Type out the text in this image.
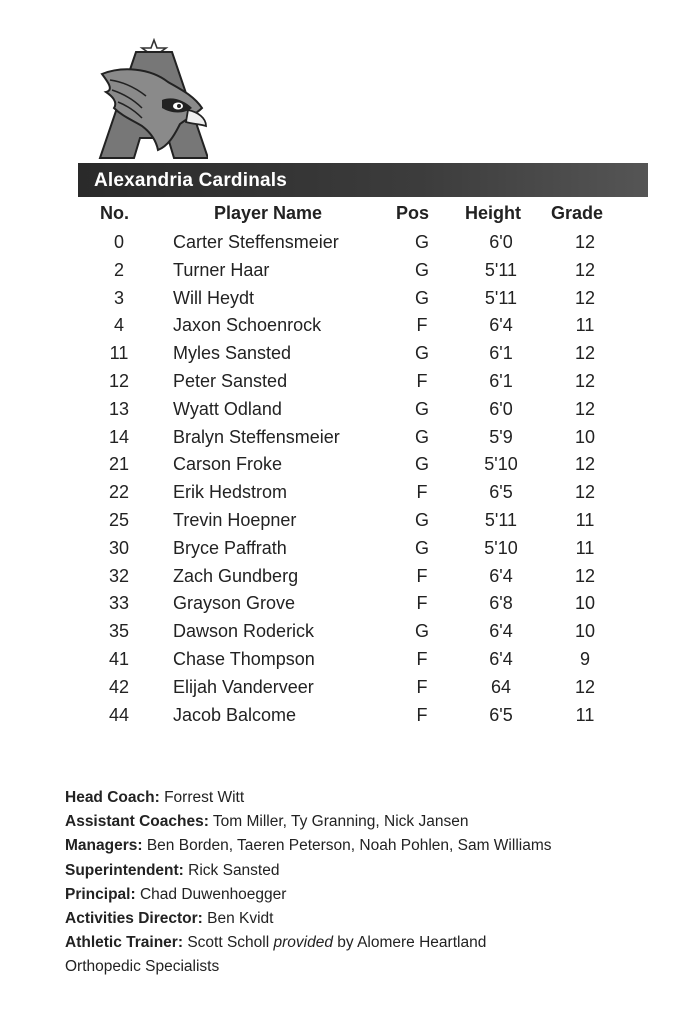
Alexandria Cardinals
No.	Player Name	Pos Height Grade
0	Carter Steffensmeier	G	6'0	12
2	Turner Haar	G	5'11	12
3	Will Heydt	G	5'11	12
4	Jaxon Schoenrock	F	6'4	11
11	Myles Sansted	G	6'1	12
12 Peter Sansted	F	6'1	12
13 Wyatt Odland	G	6'0	12
14 Bralyn Steffensmeier	G	5'9	10
21 Carson Froke	G	5'10	12
22 Erik Hedstrom	F	6'5	12
25 Trevin Hoepner	G	5'11	11
30 Bryce Paffrath	G	5'10	11
32 Zach Gundberg	F	6'4	12
33 Grayson Grove	F	6'8	10
35 Dawson Roderick	G	6'4	10
41 Chase Thompson	F	6'4	9
42 Elijah Vanderveer	F	64	12
44 Jacob Balcome	F	6'5	11
Head Coach: Forrest Witt
Assistant Coaches: Tom Miller, Ty Granning, Nick Jansen
Managers: Ben Borden, Taeren Peterson, Noah Pohlen, Sam Williams
Superintendent: Rick Sansted
Principal: Chad Duwenhoegger
Activities Director: Ben Kvidt
Athletic Trainer: Scott Scholl provided by Alomere Heartland
Orthopedic Specialists
